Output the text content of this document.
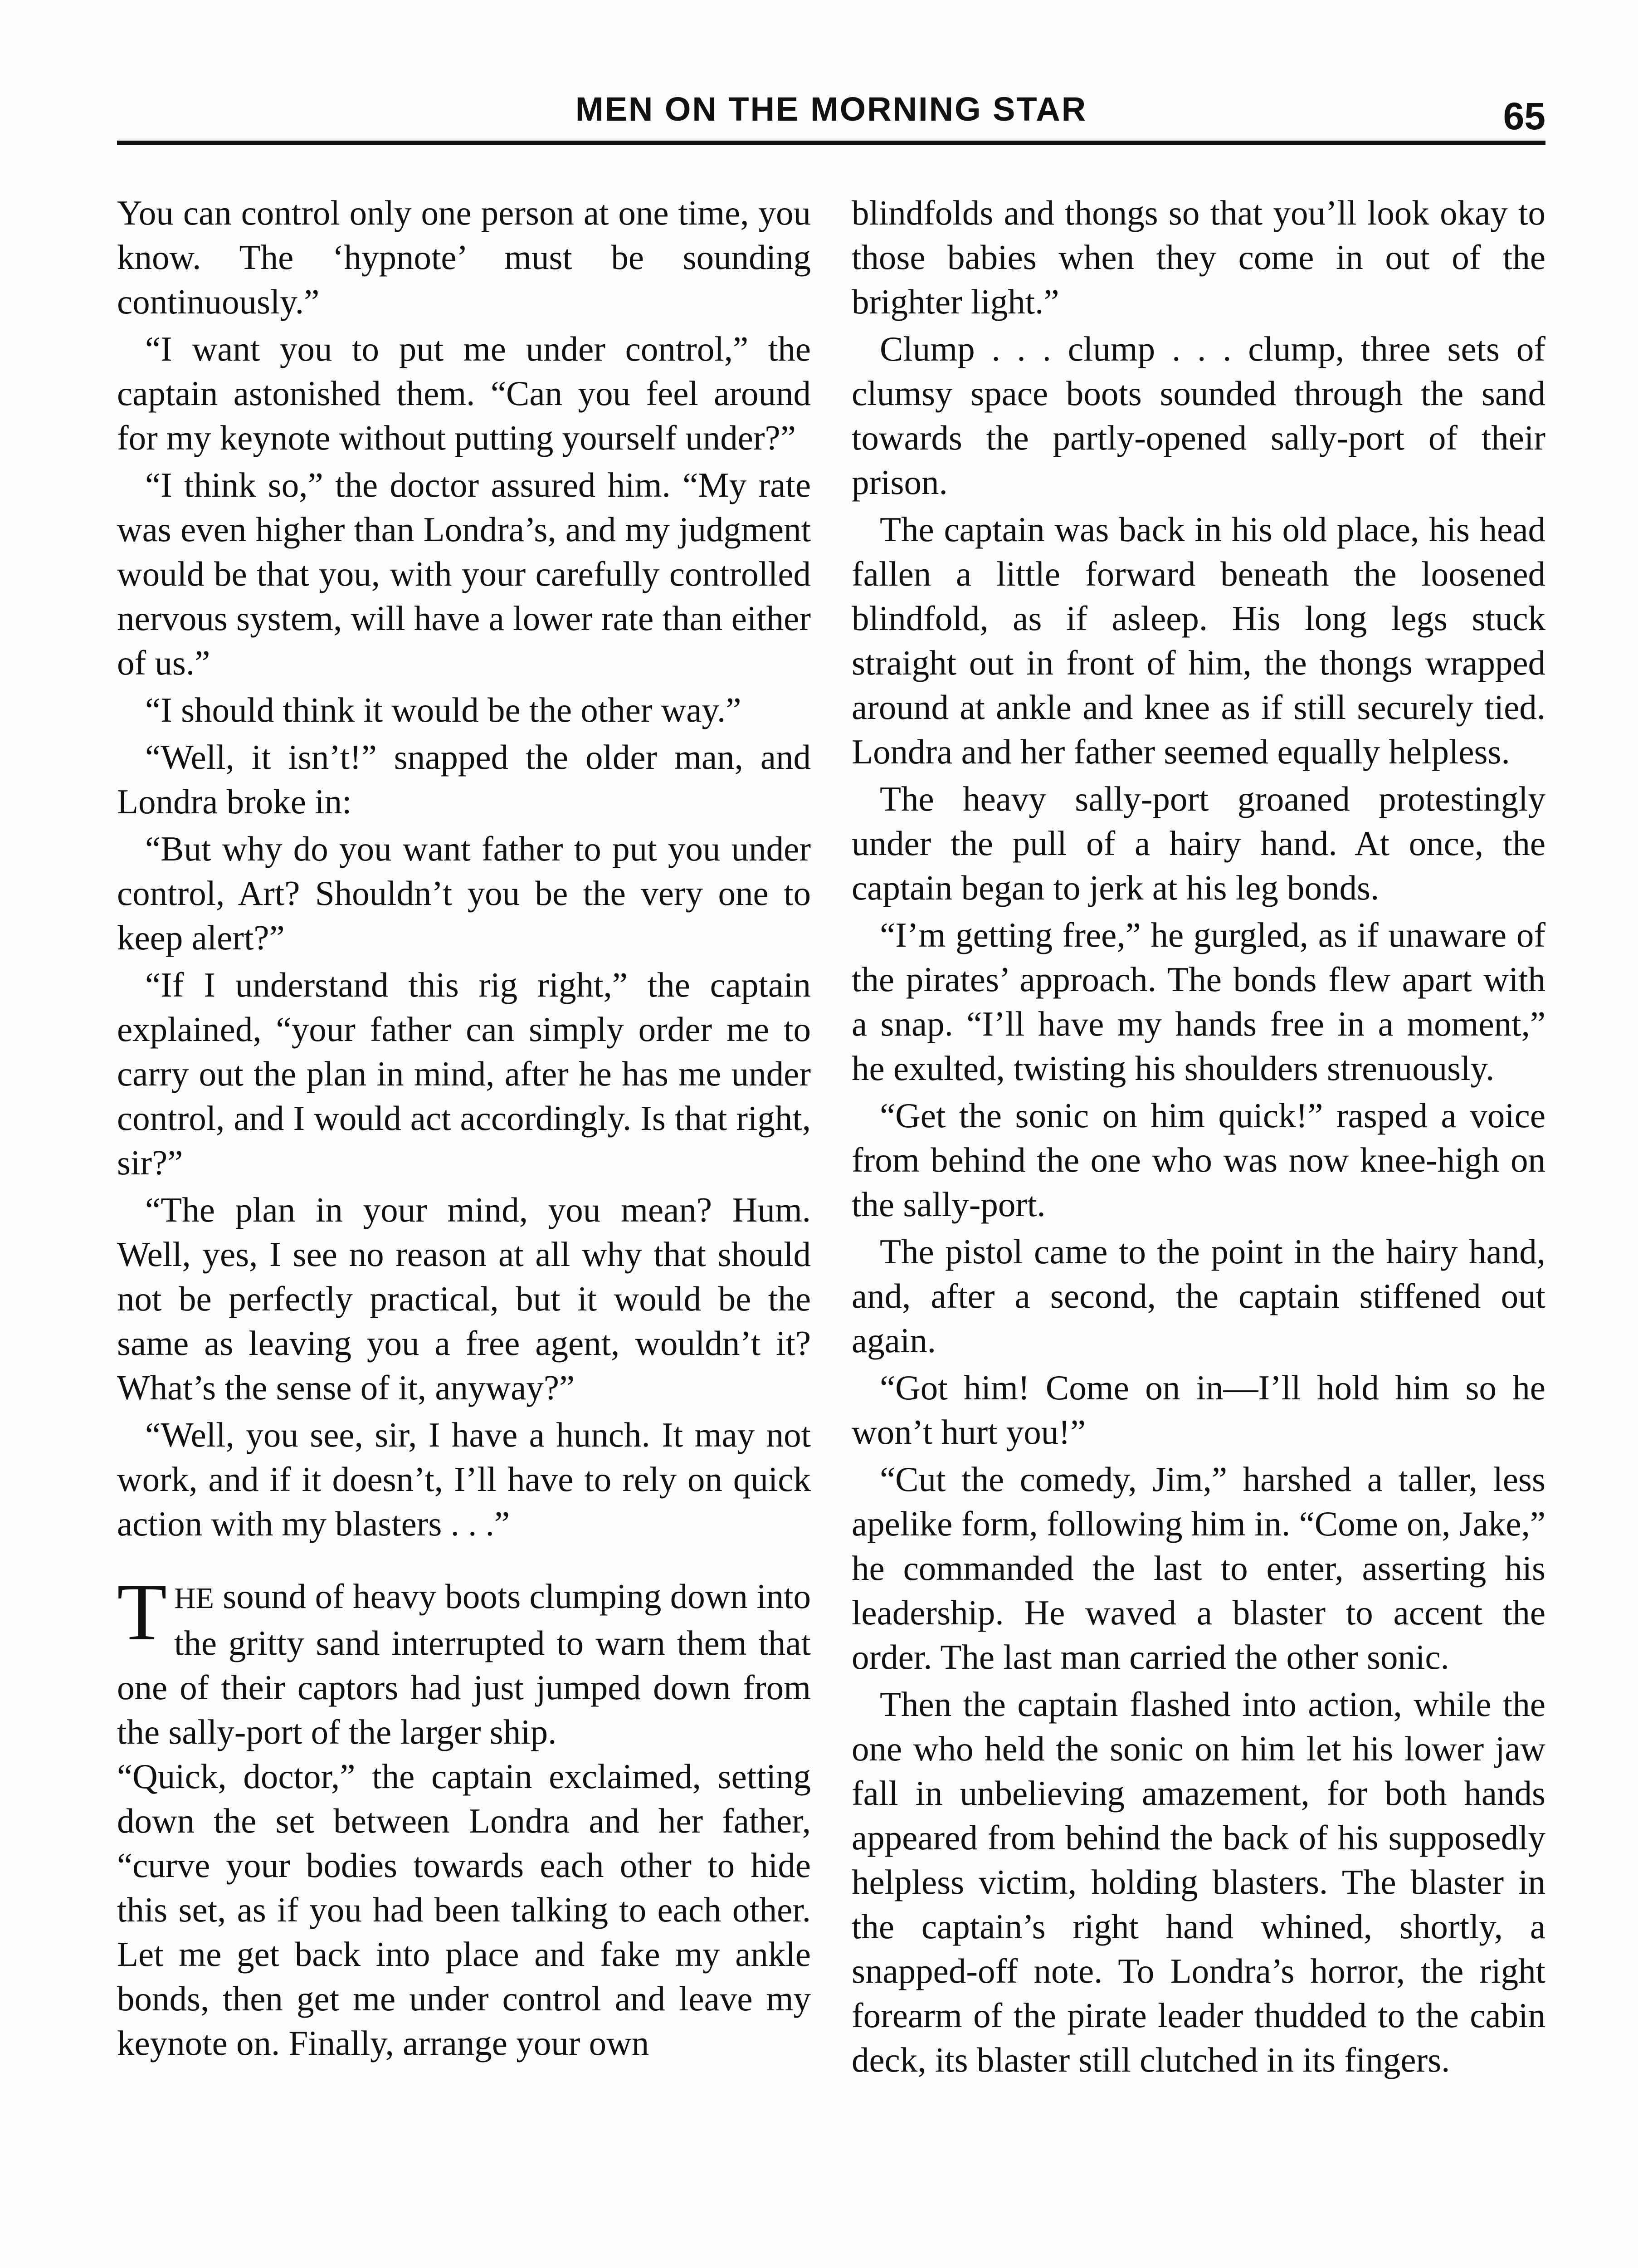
MEN ON THE MORNING STAR	65

You can control only one person at one time, you know. The ‘hypnote’ must be sounding continuously.”

“I want you to put me under control,” the captain astonished them. “Can you feel around for my keynote without putting yourself under?”

“I think so,” the doctor assured him. “My rate was even higher than Londra’s, and my judgment would be that you, with your carefully controlled nervous system, will have a lower rate than either of us.”

“I should think it would be the other way.”

“Well, it isn’t!” snapped the older man, and Londra broke in:

“But why do you want father to put you under control, Art? Shouldn’t you be the very one to keep alert?”

“If I understand this rig right,” the captain explained, “your father can simply order me to carry out the plan in mind, after he has me under control, and I would act accordingly. Is that right, sir?”

“The plan in your mind, you mean? Hum. Well, yes, I see no reason at all why that should not be perfectly practical, but it would be the same as leaving you a free agent, wouldn’t it? What’s the sense of it, anyway?”

“Well, you see, sir, I have a hunch. It may not work, and if it doesn’t, I’ll have to rely on quick action with my blasters . . .”

THE sound of heavy boots clumping down into the gritty sand interrupted to warn them that one of their captors had just jumped down from the sally-port of the larger ship.

“Quick, doctor,” the captain exclaimed, setting down the set between Londra and her father, “curve your bodies towards each other to hide this set, as if you had been talking to each other. Let me get back into place and fake my ankle bonds, then get me under control and leave my keynote on. Finally, arrange your own

blindfolds and thongs so that you’ll look okay to those babies when they come in out of the brighter light.”

Clump . . . clump . . . clump, three sets of clumsy space boots sounded through the sand towards the partly-opened sally-port of their prison.

The captain was back in his old place, his head fallen a little forward beneath the loosened blindfold, as if asleep. His long legs stuck straight out in front of him, the thongs wrapped around at ankle and knee as if still securely tied. Londra and her father seemed equally helpless.

The heavy sally-port groaned protestingly under the pull of a hairy hand. At once, the captain began to jerk at his leg bonds.

“I’m getting free,” he gurgled, as if unaware of the pirates’ approach. The bonds flew apart with a snap. “I’ll have my hands free in a moment,” he exulted, twisting his shoulders strenuously.

“Get the sonic on him quick!” rasped a voice from behind the one who was now knee-high on the sally-port.

The pistol came to the point in the hairy hand, and, after a second, the captain stiffened out again.

“Got him! Come on in—I’ll hold him so he won’t hurt you!”

“Cut the comedy, Jim,” harshed a taller, less apelike form, following him in. “Come on, Jake,” he commanded the last to enter, asserting his leadership. He waved a blaster to accent the order. The last man carried the other sonic.

Then the captain flashed into action, while the one who held the sonic on him let his lower jaw fall in unbelieving amazement, for both hands appeared from behind the back of his supposedly helpless victim, holding blasters. The blaster in the captain’s right hand whined, shortly, a snapped-off note. To Londra’s horror, the right forearm of the pirate leader thudded to the cabin deck, its blaster still clutched in its fingers.
